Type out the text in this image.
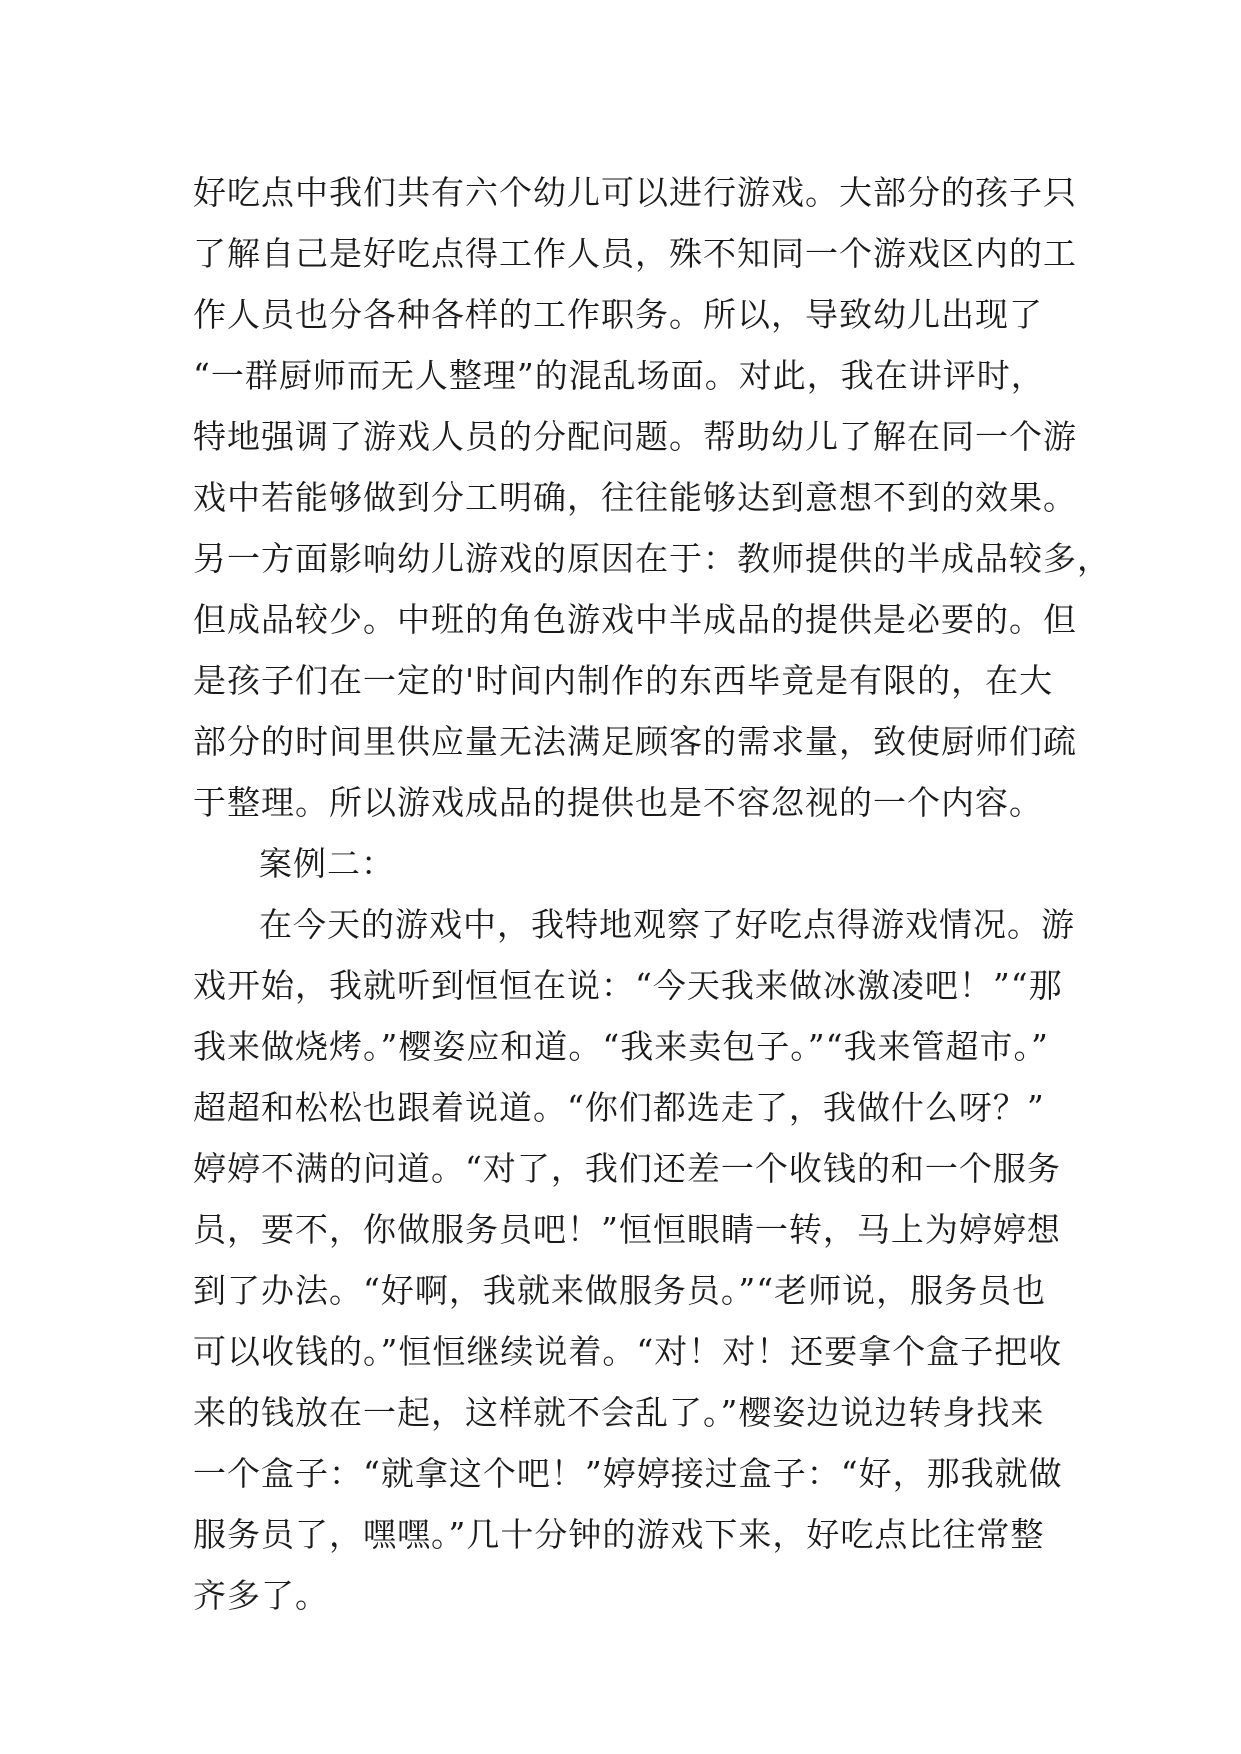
好吃点中我们共有六个幼儿可以进行游戏。大部分的孩子只
了解自己是好吃点得工作人员，殊不知同一个游戏区内的工
作人员也分各种各样的工作职务。所以，导致幼儿出现了
“一群厨师而无人整理”的混乱场面。对此，我在讲评时，
特地强调了游戏人员的分配问题。帮助幼儿了解在同一个游
戏中若能够做到分工明确，往往能够达到意想不到的效果。
另一方面影响幼儿游戏的原因在于：教师提供的半成品较多，
但成品较少。中班的角色游戏中半成品的提供是必要的。但
是孩子们在一定的'时间内制作的东西毕竟是有限的，在大
部分的时间里供应量无法满足顾客的需求量，致使厨师们疏
于整理。所以游戏成品的提供也是不容忽视的一个内容。
案例二：
在今天的游戏中，我特地观察了好吃点得游戏情况。游
戏开始，我就听到恒恒在说：“今天我来做冰激凌吧！”“那
我来做烧烤。”樱姿应和道。“我来卖包子。”“我来管超市。”
超超和松松也跟着说道。“你们都选走了，我做什么呀？”
婷婷不满的问道。“对了，我们还差一个收钱的和一个服务
员，要不，你做服务员吧！”恒恒眼睛一转，马上为婷婷想
到了办法。“好啊，我就来做服务员。”“老师说，服务员也
可以收钱的。”恒恒继续说着。“对！对！还要拿个盒子把收
来的钱放在一起，这样就不会乱了。”樱姿边说边转身找来
一个盒子：“就拿这个吧！”婷婷接过盒子：“好，那我就做
服务员了，嘿嘿。”几十分钟的游戏下来，好吃点比往常整
齐多了。
